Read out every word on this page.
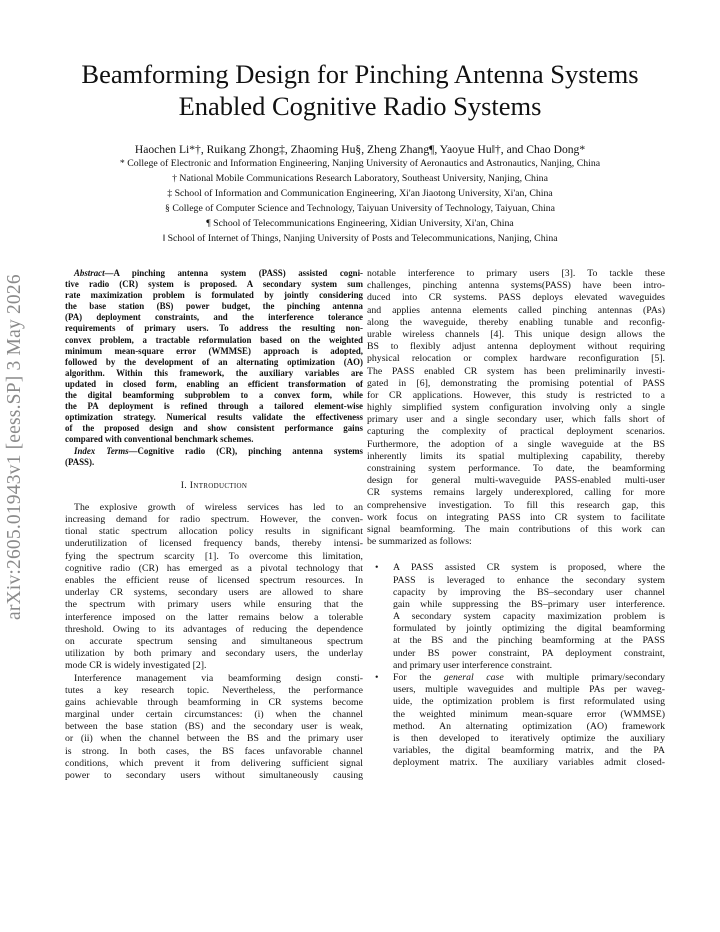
arXiv:2605.01943v1 [eess.SP] 3 May 2026
Beamforming Design for Pinching Antenna Systems
Enabled Cognitive Radio Systems
Haochen Li*†, Ruikang Zhong‡, Zhaoming Hu§, Zheng Zhang¶, Yaoyue Hu‖†, and Chao Dong*
* College of Electronic and Information Engineering, Nanjing University of Aeronautics and Astronautics, Nanjing, China
† National Mobile Communications Research Laboratory, Southeast University, Nanjing, China
‡ School of Information and Communication Engineering, Xi'an Jiaotong University, Xi'an, China
§ College of Computer Science and Technology, Taiyuan University of Technology, Taiyuan, China
¶ School of Telecommunications Engineering, Xidian University, Xi'an, China
‖ School of Internet of Things, Nanjing University of Posts and Telecommunications, Nanjing, China
Abstract—A pinching antenna system (PASS) assisted cogni-
tive radio (CR) system is proposed. A secondary system sum
rate maximization problem is formulated by jointly considering
the base station (BS) power budget, the pinching antenna
(PA) deployment constraints, and the interference tolerance
requirements of primary users. To address the resulting non-
convex problem, a tractable reformulation based on the weighted
minimum mean-square error (WMMSE) approach is adopted,
followed by the development of an alternating optimization (AO)
algorithm. Within this framework, the auxiliary variables are
updated in closed form, enabling an efficient transformation of
the digital beamforming subproblem to a convex form, while
the PA deployment is refined through a tailored element-wise
optimization strategy. Numerical results validate the effectiveness
of the proposed design and show consistent performance gains
compared with conventional benchmark schemes.
Index Terms—Cognitive radio (CR), pinching antenna systems
(PASS).
I. Introduction
The explosive growth of wireless services has led to an
increasing demand for radio spectrum. However, the conven-
tional static spectrum allocation policy results in significant
underutilization of licensed frequency bands, thereby intensi-
fying the spectrum scarcity [1]. To overcome this limitation,
cognitive radio (CR) has emerged as a pivotal technology that
enables the efficient reuse of licensed spectrum resources. In
underlay CR systems, secondary users are allowed to share
the spectrum with primary users while ensuring that the
interference imposed on the latter remains below a tolerable
threshold. Owing to its advantages of reducing the dependence
on accurate spectrum sensing and simultaneous spectrum
utilization by both primary and secondary users, the underlay
mode CR is widely investigated [2].
Interference management via beamforming design consti-
tutes a key research topic. Nevertheless, the performance
gains achievable through beamforming in CR systems become
marginal under certain circumstances: (i) when the channel
between the base station (BS) and the secondary user is weak,
or (ii) when the channel between the BS and the primary user
is strong. In both cases, the BS faces unfavorable channel
conditions, which prevent it from delivering sufficient signal
power to secondary users without simultaneously causing
notable interference to primary users [3]. To tackle these
challenges, pinching antenna systems(PASS) have been intro-
duced into CR systems. PASS deploys elevated waveguides
and applies antenna elements called pinching antennas (PAs)
along the waveguide, thereby enabling tunable and reconfig-
urable wireless channels [4]. This unique design allows the
BS to flexibly adjust antenna deployment without requiring
physical relocation or complex hardware reconfiguration [5].
The PASS enabled CR system has been preliminarily investi-
gated in [6], demonstrating the promising potential of PASS
for CR applications. However, this study is restricted to a
highly simplified system configuration involving only a single
primary user and a single secondary user, which falls short of
capturing the complexity of practical deployment scenarios.
Furthermore, the adoption of a single waveguide at the BS
inherently limits its spatial multiplexing capability, thereby
constraining system performance. To date, the beamforming
design for general multi-waveguide PASS-enabled multi-user
CR systems remains largely underexplored, calling for more
comprehensive investigation. To fill this research gap, this
work focus on integrating PASS into CR system to facilitate
signal beamforming. The main contributions of this work can
be summarized as follows:
• A PASS assisted CR system is proposed, where the
PASS is leveraged to enhance the secondary system
capacity by improving the BS–secondary user channel
gain while suppressing the BS–primary user interference.
A secondary system capacity maximization problem is
formulated by jointly optimizing the digital beamforming
at the BS and the pinching beamforming at the PASS
under BS power constraint, PA deployment constraint,
and primary user interference constraint.
• For the general case with multiple primary/secondary
users, multiple waveguides and multiple PAs per waveg-
uide, the optimization problem is first reformulated using
the weighted minimum mean-square error (WMMSE)
method. An alternating optimization (AO) framework
is then developed to iteratively optimize the auxiliary
variables, the digital beamforming matrix, and the PA
deployment matrix. The auxiliary variables admit closed-
